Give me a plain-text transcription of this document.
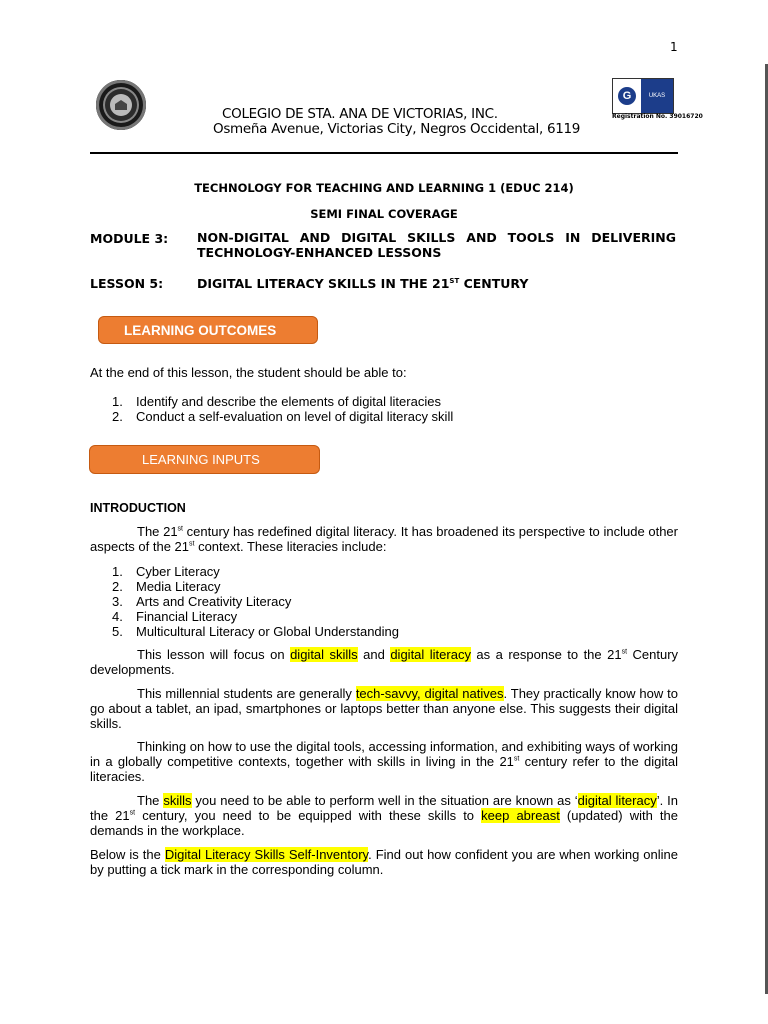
1
COLEGIO DE STA. ANA DE VICTORIAS, INC.
Osmeña Avenue, Victorias City, Negros Occidental, 6119
G	UKAS
Registration No. 39016720
TECHNOLOGY FOR TEACHING AND LEARNING 1 (EDUC 214)
SEMI FINAL COVERAGE
MODULE 3: NON-DIGITAL AND DIGITAL SKILLS AND TOOLS IN DELIVERING
TECHNOLOGY-ENHANCED LESSONS
LESSON 5:	DIGITAL LITERACY SKILLS IN THE 21ST CENTURY
LEARNING OUTCOMES
At the end of this lesson, the student should be able to:
1. Identify and describe the elements of digital literacies
2. Conduct a self-evaluation on level of digital literacy skill
LEARNING INPUTS
INTRODUCTION
The 21st century has redefined digital literacy. It has broadened its perspective to include other aspects of the 21st context. These literacies include:
1. Cyber Literacy
2. Media Literacy
3. Arts and Creativity Literacy
4. Financial Literacy
5. Multicultural Literacy or Global Understanding
This lesson will focus on digital skills and digital literacy as a response to the 21st Century developments.
This millennial students are generally tech-savvy, digital natives. They practically know how to go about a tablet, an ipad, smartphones or laptops better than anyone else. This suggests their digital skills.
Thinking on how to use the digital tools, accessing information, and exhibiting ways of working in a globally competitive contexts, together with skills in living in the 21st century refer to the digital literacies.
The skills you need to be able to perform well in the situation are known as ‘digital literacy’. In the 21st century, you need to be equipped with these skills to keep abreast (updated) with the demands in the workplace.
Below is the Digital Literacy Skills Self-Inventory. Find out how confident you are when working online by putting a tick mark in the corresponding column.
